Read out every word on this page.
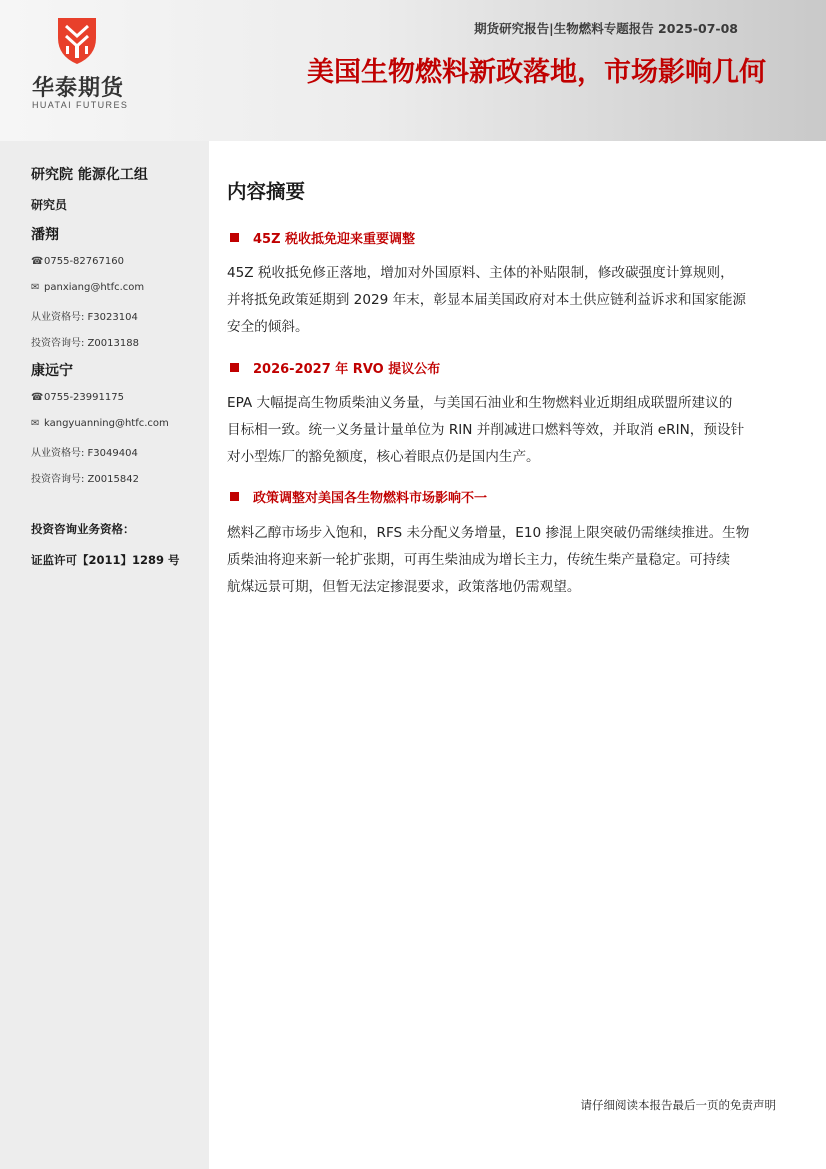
华泰期货
HUATAI FUTURES
期货研究报告|生物燃料专题报告 2025-07-08
美国生物燃料新政落地，市场影响几何
研究院 能源化工组
研究员
潘翔
☎0755-82767160
✉ panxiang@htfc.com
从业资格号: F3023104
投资咨询号: Z0013188
康远宁
☎0755-23991175
✉ kangyuanning@htfc.com
从业资格号: F3049404
投资咨询号: Z0015842
投资咨询业务资格：
证监许可【2011】1289 号
内容摘要
45Z 税收抵免迎来重要调整
45Z 税收抵免修正落地，增加对外国原料、主体的补贴限制，修改碳强度计算规则，
并将抵免政策延期到 2029 年末，彰显本届美国政府对本土供应链利益诉求和国家能源
安全的倾斜。
2026-2027 年 RVO 提议公布
EPA 大幅提高生物质柴油义务量，与美国石油业和生物燃料业近期组成联盟所建议的
目标相一致。统一义务量计量单位为 RIN 并削减进口燃料等效，并取消 eRIN，预设针
对小型炼厂的豁免额度，核心着眼点仍是国内生产。
政策调整对美国各生物燃料市场影响不一
燃料乙醇市场步入饱和，RFS 未分配义务增量，E10 掺混上限突破仍需继续推进。生物
质柴油将迎来新一轮扩张期，可再生柴油成为增长主力，传统生柴产量稳定。可持续
航煤远景可期，但暂无法定掺混要求，政策落地仍需观望。
请仔细阅读本报告最后一页的免责声明
